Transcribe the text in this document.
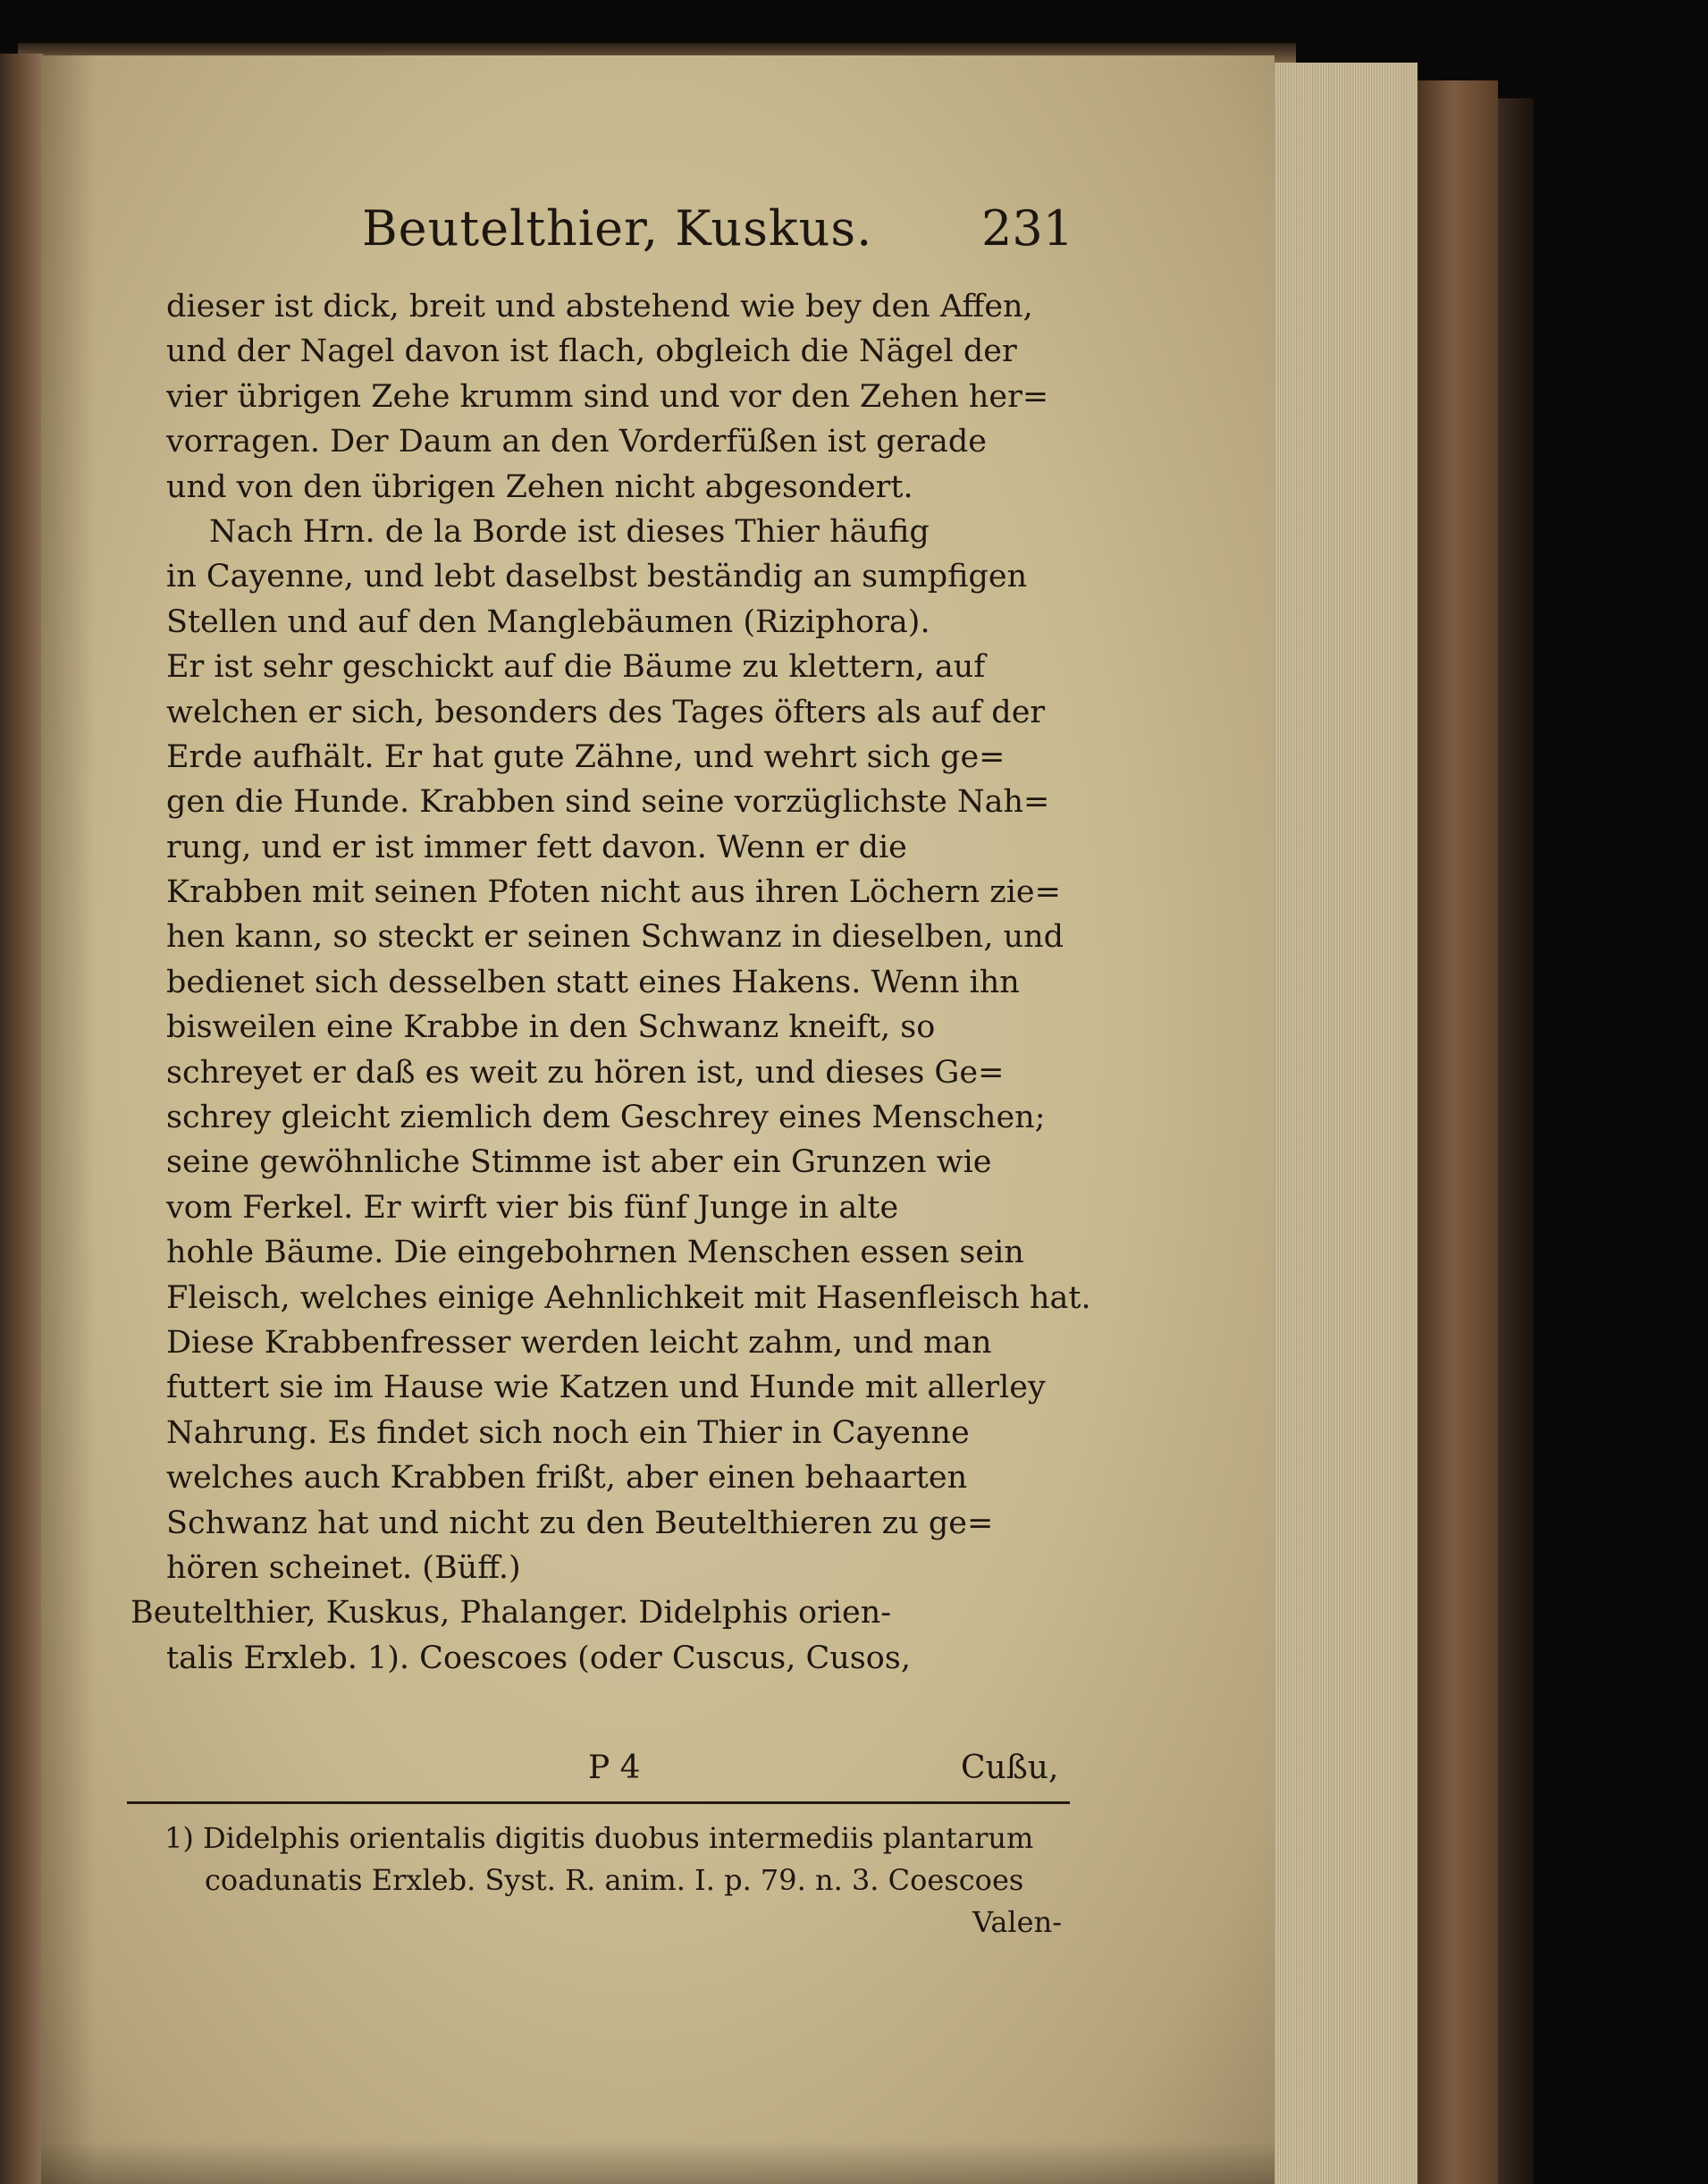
Beutelthier, Kuskus. 231
dieser ist dick, breit und abstehend wie bey den Affen,
und der Nagel davon ist flach, obgleich die Nägel der
vier übrigen Zehe krumm sind und vor den Zehen her=
vorragen. Der Daum an den Vorderfüßen ist gerade
und von den übrigen Zehen nicht abgesondert.
Nach Hrn. de la Borde ist dieses Thier häufig
in Cayenne, und lebt daselbst beständig an sumpfigen
Stellen und auf den Manglebäumen (Riziphora).
Er ist sehr geschickt auf die Bäume zu klettern, auf
welchen er sich, besonders des Tages öfters als auf der
Erde aufhält. Er hat gute Zähne, und wehrt sich ge=
gen die Hunde. Krabben sind seine vorzüglichste Nah=
rung, und er ist immer fett davon. Wenn er die
Krabben mit seinen Pfoten nicht aus ihren Löchern zie=
hen kann, so steckt er seinen Schwanz in dieselben, und
bedienet sich desselben statt eines Hakens. Wenn ihn
bisweilen eine Krabbe in den Schwanz kneift, so
schreyet er daß es weit zu hören ist, und dieses Ge=
schrey gleicht ziemlich dem Geschrey eines Menschen;
seine gewöhnliche Stimme ist aber ein Grunzen wie
vom Ferkel. Er wirft vier bis fünf Junge in alte
hohle Bäume. Die eingebohrnen Menschen essen sein
Fleisch, welches einige Aehnlichkeit mit Hasenfleisch hat.
Diese Krabbenfresser werden leicht zahm, und man
futtert sie im Hause wie Katzen und Hunde mit allerley
Nahrung. Es findet sich noch ein Thier in Cayenne
welches auch Krabben frißt, aber einen behaarten
Schwanz hat und nicht zu den Beutelthieren zu ge=
hören scheinet. (Büff.)
Beutelthier, Kuskus, Phalanger. Didelphis orien-
talis Erxleb. 1). Coescoes (oder Cuscus, Cusos,
P 4	Cußu,
1) Didelphis orientalis digitis duobus intermediis plantarum
coadunatis Erxleb. Syst. R. anim. I. p. 79. n. 3. Coescoes
Valen-
